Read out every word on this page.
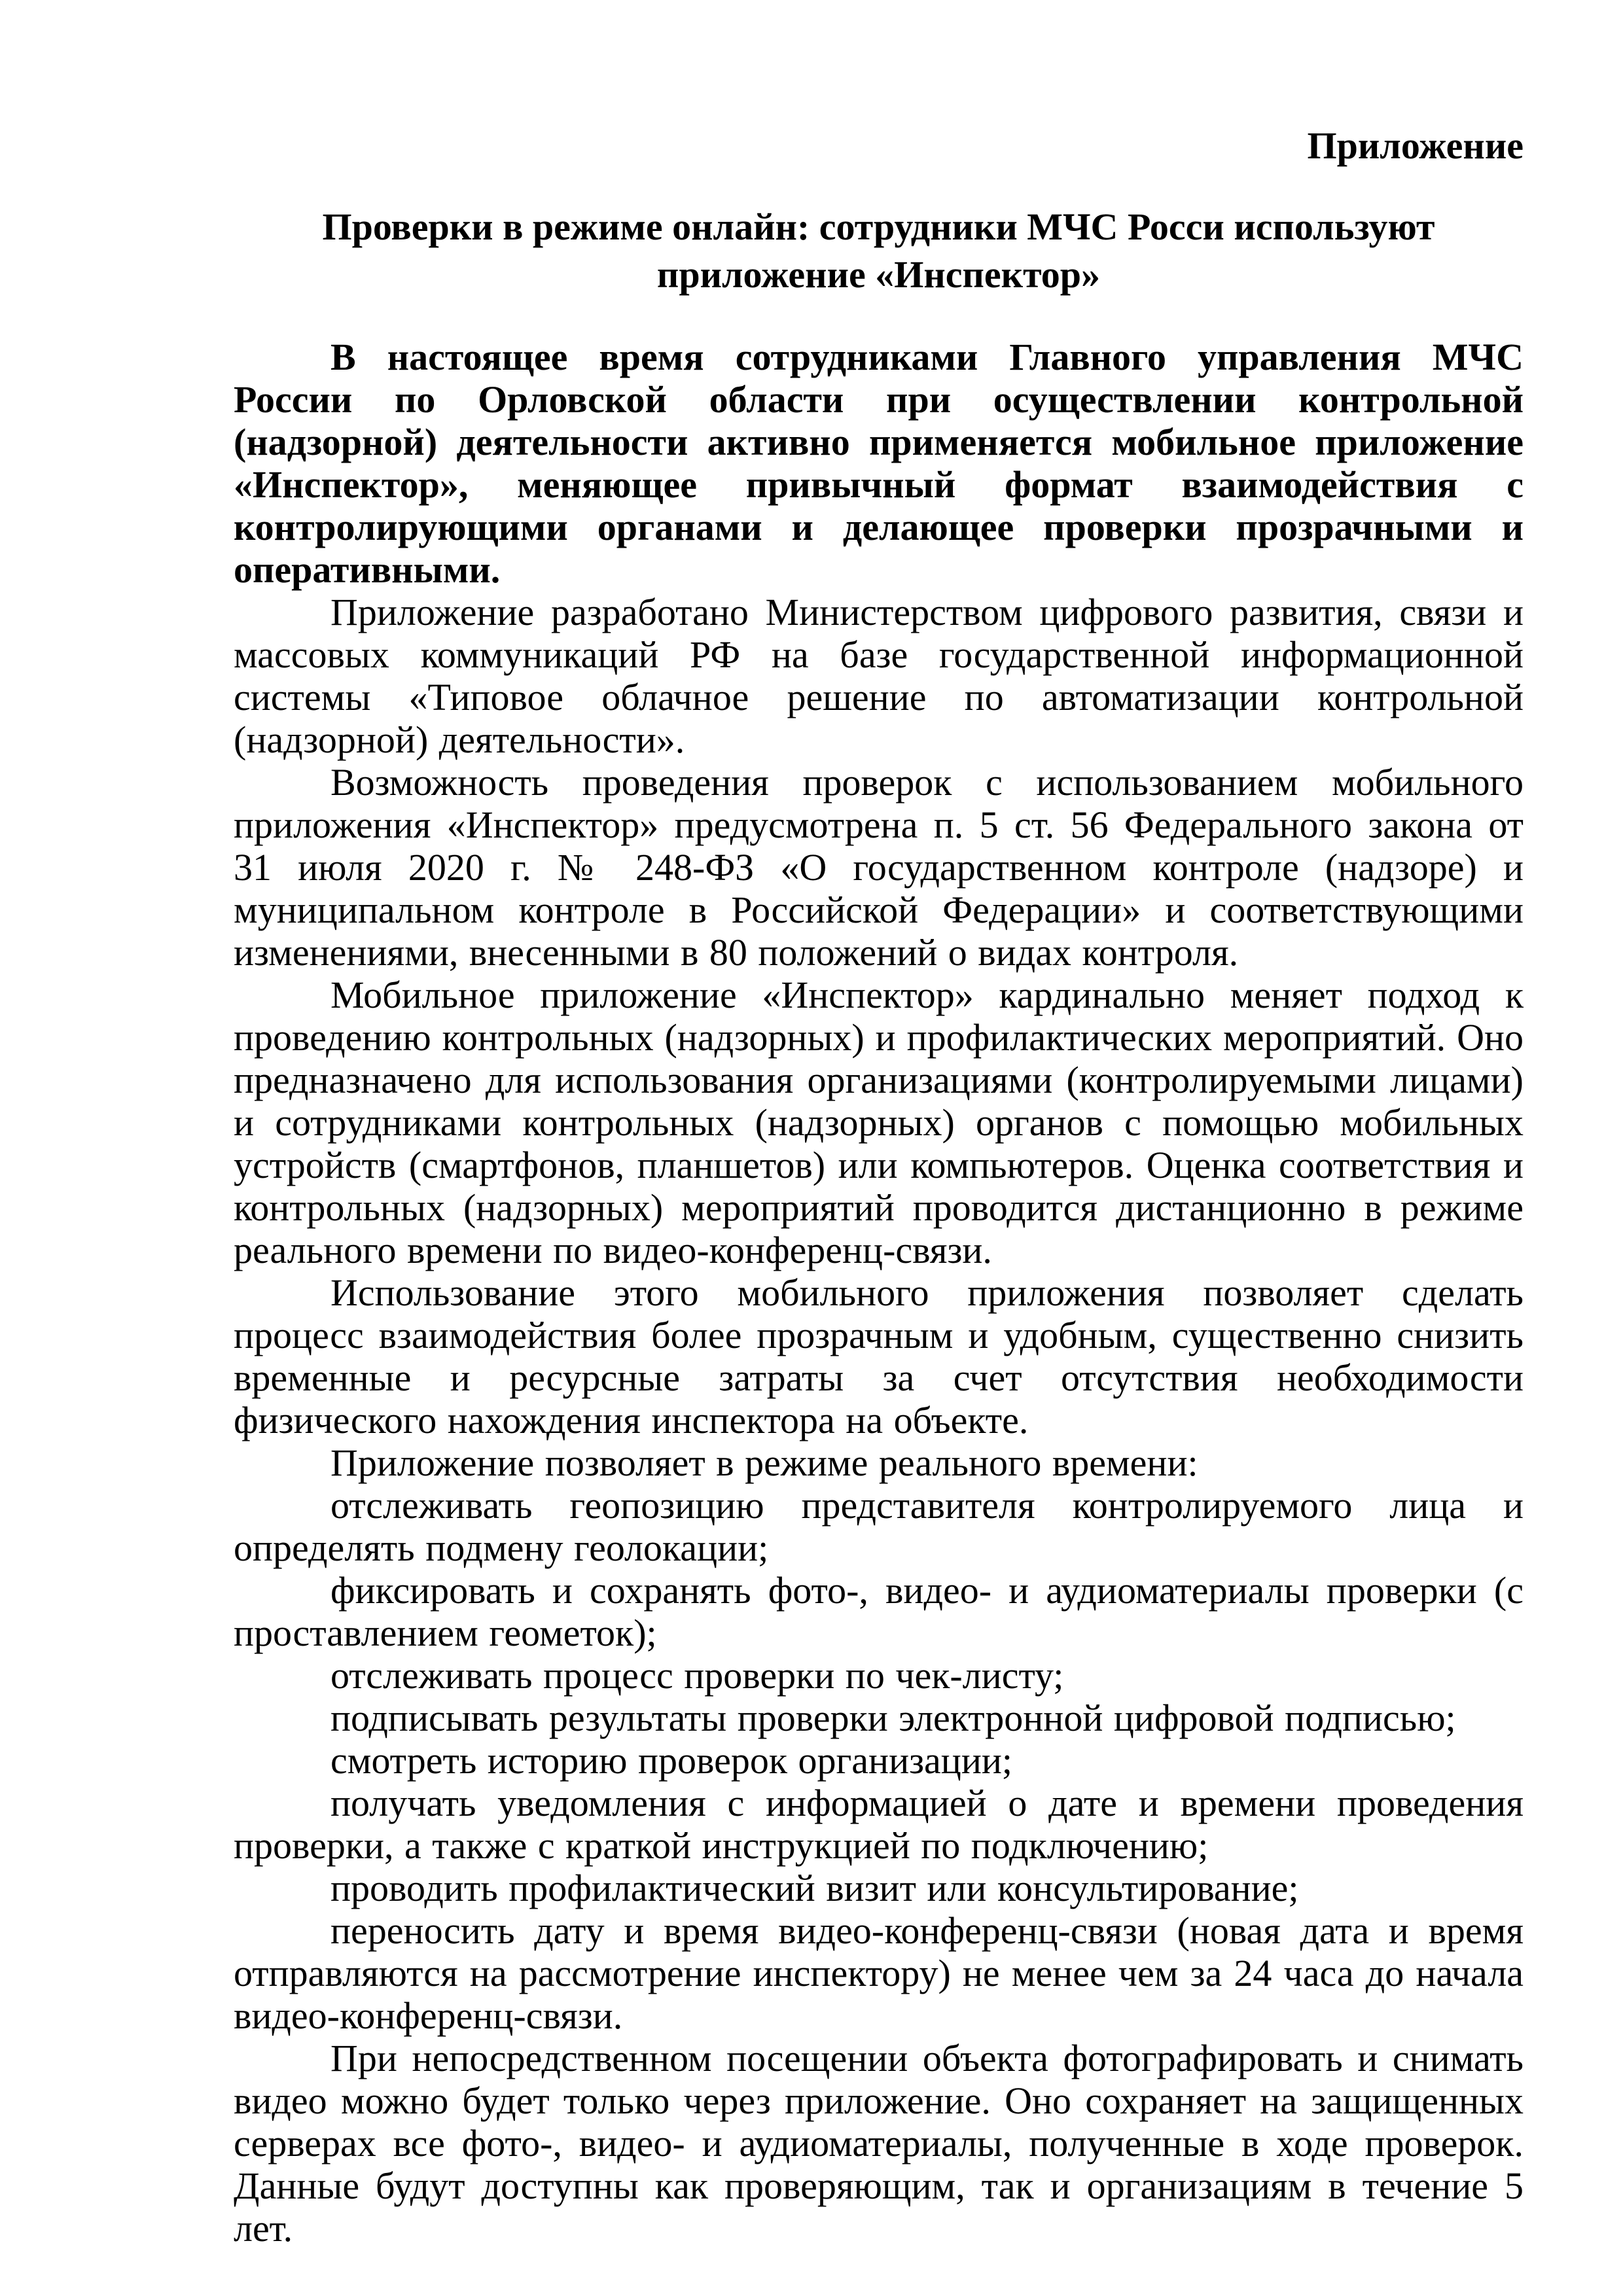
Приложение
Проверки в режиме онлайн: сотрудники МЧС Росси используют
приложение «Инспектор»

В настоящее время сотрудниками Главного управления МЧС России по Орловской области при осуществлении контрольной (надзорной) деятельности активно применяется мобильное приложение «Инспектор», меняющее привычный формат взаимодействия с контролирующими органами и делающее проверки прозрачными и оперативными.

Приложение разработано Министерством цифрового развития, связи и массовых коммуникаций РФ на базе государственной информационной системы «Типовое облачное решение по автоматизации контрольной (надзорной) деятельности».

Возможность проведения проверок с использованием мобильного приложения «Инспектор» предусмотрена п. 5 ст. 56 Федерального закона от 31 июля 2020 г. № 248-ФЗ «О государственном контроле (надзоре) и муниципальном контроле в Российской Федерации» и соответствующими изменениями, внесенными в 80 положений о видах контроля.

Мобильное приложение «Инспектор» кардинально меняет подход к проведению контрольных (надзорных) и профилактических мероприятий. Оно предназначено для использования организациями (контролируемыми лицами) и сотрудниками контрольных (надзорных) органов с помощью мобильных устройств (смартфонов, планшетов) или компьютеров. Оценка соответствия и контрольных (надзорных) мероприятий проводится дистанционно в режиме реального времени по видео-конференц-связи.

Использование этого мобильного приложения позволяет сделать процесс взаимодействия более прозрачным и удобным, существенно снизить временные и ресурсные затраты за счет отсутствия необходимости физического нахождения инспектора на объекте.

Приложение позволяет в режиме реального времени:

отслеживать геопозицию представителя контролируемого лица и определять подмену геолокации;

фиксировать и сохранять фото-, видео- и аудиоматериалы проверки (с проставлением геометок);

отслеживать процесс проверки по чек-листу;

подписывать результаты проверки электронной цифровой подписью;

смотреть историю проверок организации;

получать уведомления с информацией о дате и времени проведения проверки, а также с краткой инструкцией по подключению;

проводить профилактический визит или консультирование;

переносить дату и время видео-конференц-связи (новая дата и время отправляются на рассмотрение инспектору) не менее чем за 24 часа до начала видео-конференц-связи.

При непосредственном посещении объекта фотографировать и снимать видео можно будет только через приложение. Оно сохраняет на защищенных серверах все фото-, видео- и аудиоматериалы, полученные в ходе проверок. Данные будут доступны как проверяющим, так и организациям в течение 5 лет.
